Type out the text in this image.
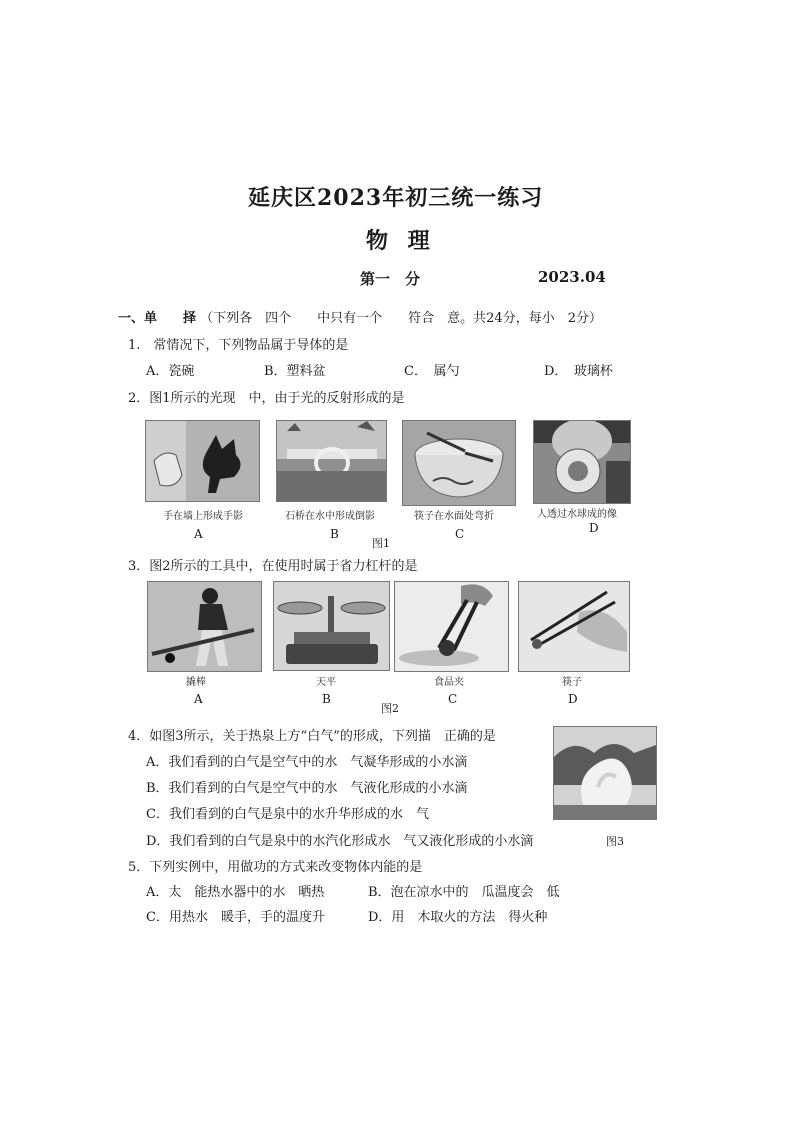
延庆区2023年初三统一练习
物 理
第一　分	2023.04
一、单　　择 （下列各　四个　　中只有一个　　符合　意。共24分，每小　2分）
1.　常情况下，下列物品属于导体的是
A．瓷碗	B．塑料盆	C．　属勺	D．　玻璃杯
2．图1所示的光现　中，由于光的反射形成的是
手在墙上形成手影	石桥在水中形成倒影	筷子在水面处弯折	人透过水球成的像
A	B	C	D
图1
3．图2所示的工具中，在使用时属于省力杠杆的是
撬棒	天平	食品夹	筷子
A	B	C	D
图2
4．如图3所示，关于热泉上方“白气”的形成，下列描　正确的是
A．我们看到的白气是空气中的水　气凝华形成的小水滴
B．我们看到的白气是空气中的水　气液化形成的小水滴
C．我们看到的白气是泉中的水升华形成的水　气
D．我们看到的白气是泉中的水汽化形成水　气又液化形成的小水滴	图3
5．下列实例中，用做功的方式来改变物体内能的是
A．太　能热水器中的水　晒热	B．泡在凉水中的　瓜温度会　低
C．用热水　暖手，手的温度升	D．用　木取火的方法　得火种
